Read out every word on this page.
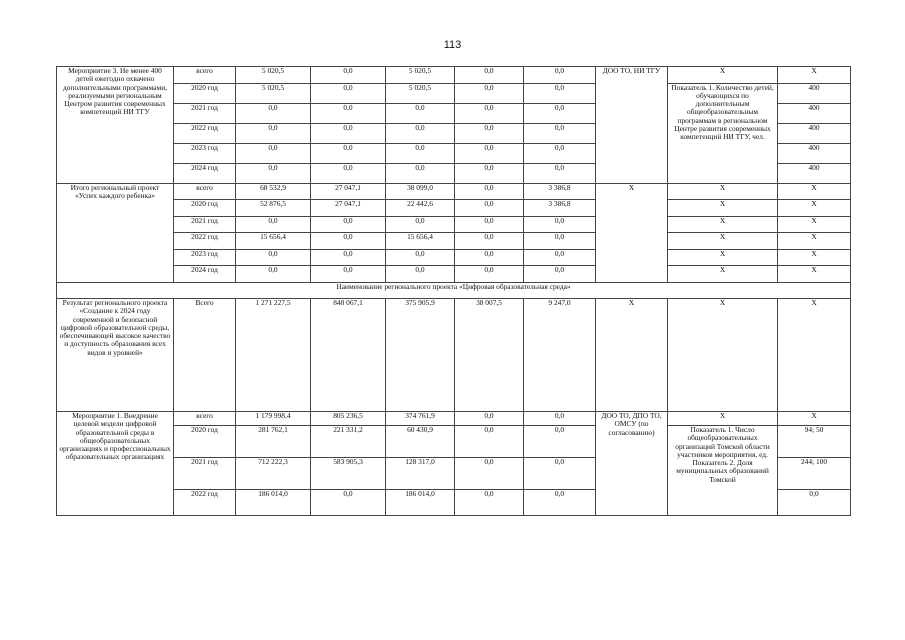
113
Мероприятие 3. Не менее 400 детей ежегодно охвачено дополнительными программами, реализуемыми региональным Центром развития современных компетенций НИ ТГУ	всего	5 020,5	0,0	5 020,5	0,0	0,0	ДОО ТО, НИ ТГУ	Х	Х
	2020 год	5 020,5	0,0	5 020,5	0,0	0,0		Показатель 1. Количество детей, обучающихся по дополнительным общеобразовательным программам в региональном Центре развития современных компетенций НИ ТГУ, чел.	400
	2021 год	0,0	0,0	0,0	0,0	0,0			400
	2022 год	0,0	0,0	0,0	0,0	0,0			400
	2023 год	0,0	0,0	0,0	0,0	0,0			400
	2024 год	0,0	0,0	0,0	0,0	0,0			400
Итого региональный проект «Успех каждого ребенка»	всего	68 532,9	27 047,1	38 099,0	0,0	3 386,8	Х	Х	Х
	2020 год	52 876,5	27 047,1	22 442,6	0,0	3 386,8		Х	Х
	2021 год	0,0	0,0	0,0	0,0	0,0		Х	Х
	2022 год	15 656,4	0,0	15 656,4	0,0	0,0		Х	Х
	2023 год	0,0	0,0	0,0	0,0	0,0		Х	Х
	2024 год	0,0	0,0	0,0	0,0	0,0		Х	Х
Наименование регионального проекта «Цифровая образовательная среда»									
Результат регионального проекта «Создание к 2024 году современной и безопасной цифровой образовательной среды, обеспечивающей высокое качество и доступность образования всех видов и уровней»	Всего	1 271 227,5	848 067,1	375 905,9	38 007,5	9 247,0	Х	Х	Х
Мероприятие 1. Внедрение целевой модели цифровой образовательной среды в общеобразовательных организациях и профессиональных образовательных организациях	всего	1 179 998,4	805 236,5	374 761,9	0,0	0,0	ДОО ТО, ДПО ТО, ОМСУ (по согласованию)	Х	Х
	2020 год	281 762,1	221 331,2	60 430,9	0,0	0,0		Показатель 1. Число общеобразовательных организаций Томской области участников мероприятия, ед. Показатель 2. Доля муниципальных образований Томской	94; 50
	2021 год	712 222,3	583 905,3	128 317,0	0,0	0,0			244; 100
	2022 год	186 014,0	0,0	186 014,0	0,0	0,0			0;0
